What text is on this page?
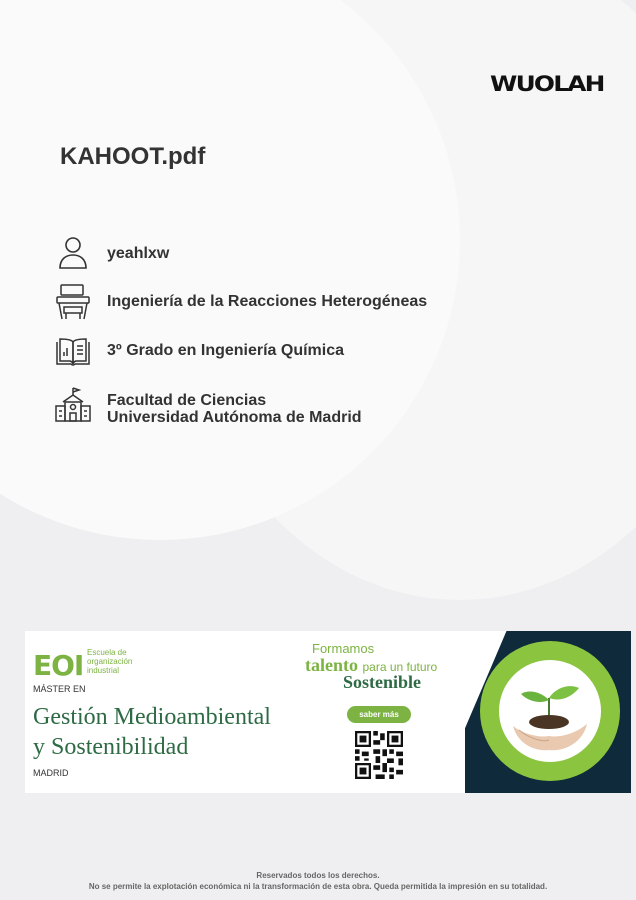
WUOLAH
KAHOOT.pdf
yeahlxw
Ingeniería de la Reacciones Heterogéneas
3º Grado en Ingeniería Química
Facultad de Ciencias
Universidad Autónoma de Madrid
EOI Escuela de organización industrial
MÁSTER EN
Gestión Medioambiental
y Sostenibilidad
MADRID
Formamos
talento para un futuro
Sostenible
saber más
Reservados todos los derechos.
No se permite la explotación económica ni la transformación de esta obra. Queda permitida la impresión en su totalidad.
